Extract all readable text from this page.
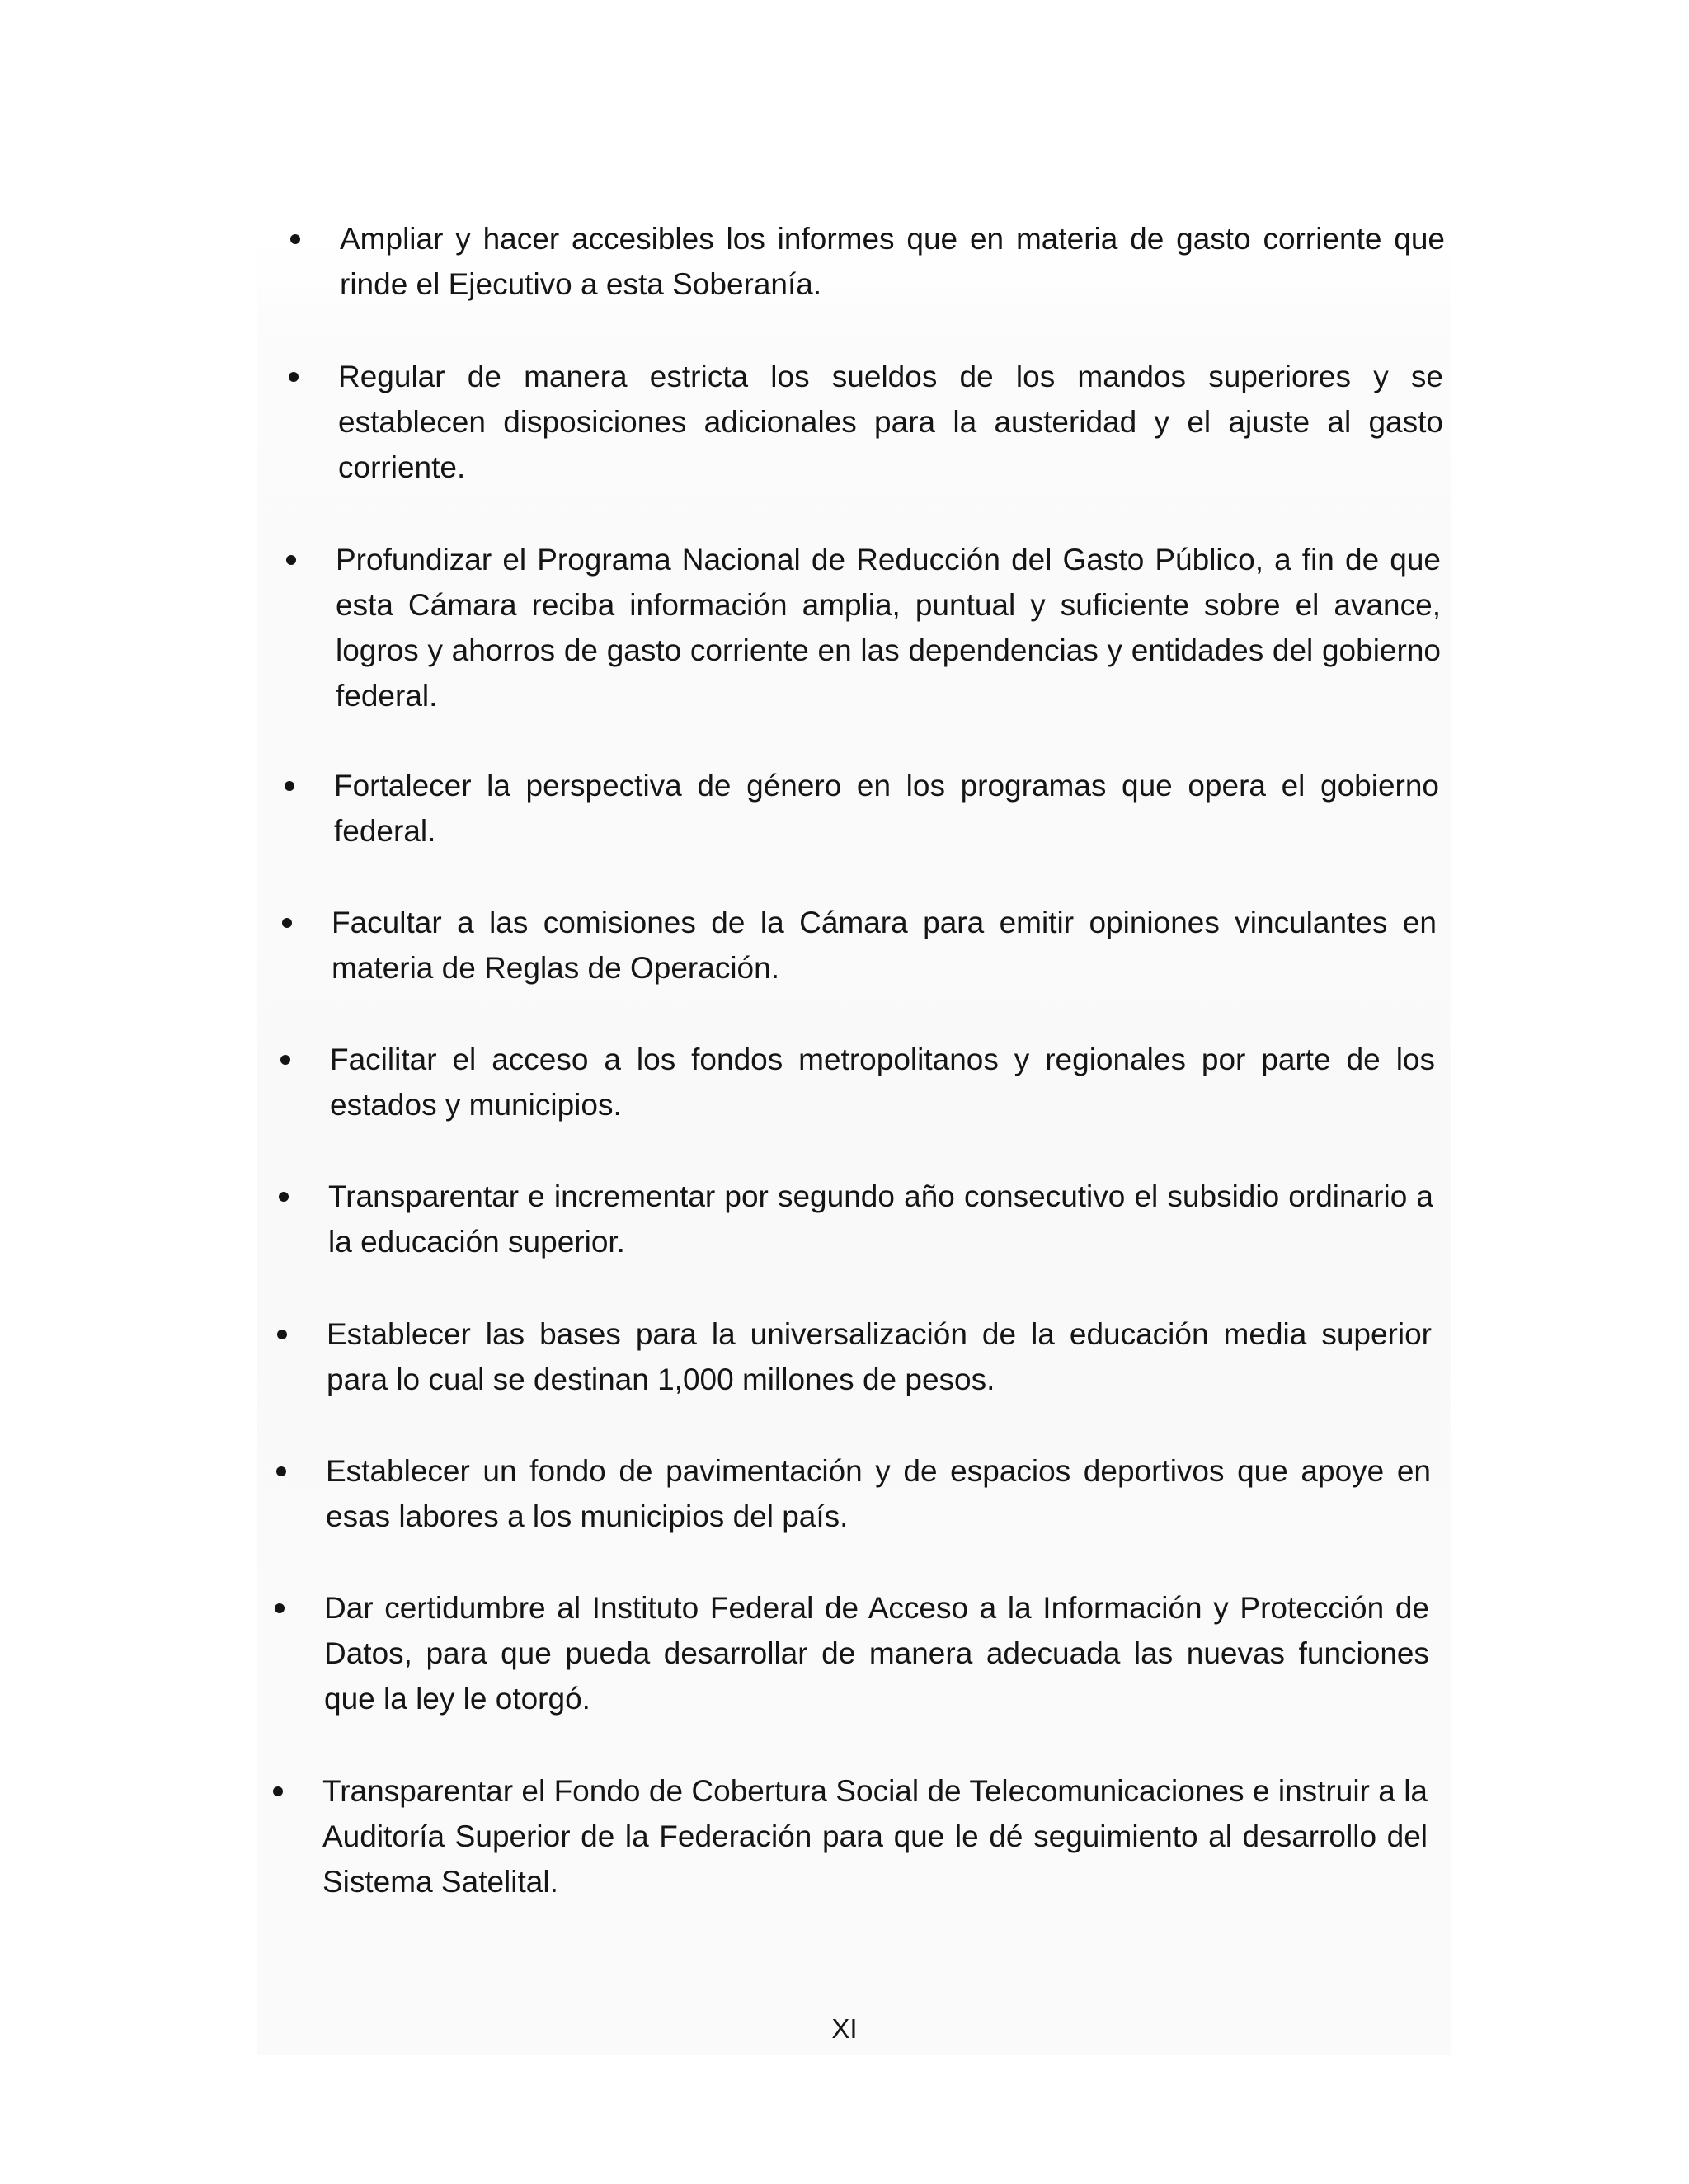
Ampliar y hacer accesibles los informes que en materia de gasto corriente que rinde el Ejecutivo a esta Soberanía.
Regular de manera estricta los sueldos de los mandos superiores y se establecen disposiciones adicionales para la austeridad y el ajuste al gasto corriente.
Profundizar el Programa Nacional de Reducción del Gasto Público, a fin de que esta Cámara reciba información amplia, puntual y suficiente sobre el avance, logros y ahorros de gasto corriente en las dependencias y entidades del gobierno federal.
Fortalecer la perspectiva de género en los programas que opera el gobierno federal.
Facultar a las comisiones de la Cámara para emitir opiniones vinculantes en materia de Reglas de Operación.
Facilitar el acceso a los fondos metropolitanos y regionales por parte de los estados y municipios.
Transparentar e incrementar por segundo año consecutivo el subsidio ordinario a la educación superior.
Establecer las bases para la universalización de la educación media superior para lo cual se destinan 1,000 millones de pesos.
Establecer un fondo de pavimentación y de espacios deportivos que apoye en esas labores a los municipios del país.
Dar certidumbre al Instituto Federal de Acceso a la Información y Protección de Datos, para que pueda desarrollar de manera adecuada las nuevas funciones que la ley le otorgó.
Transparentar el Fondo de Cobertura Social de Telecomunicaciones e instruir a la Auditoría Superior de la Federación para que le dé seguimiento al desarrollo del Sistema Satelital.
XI
